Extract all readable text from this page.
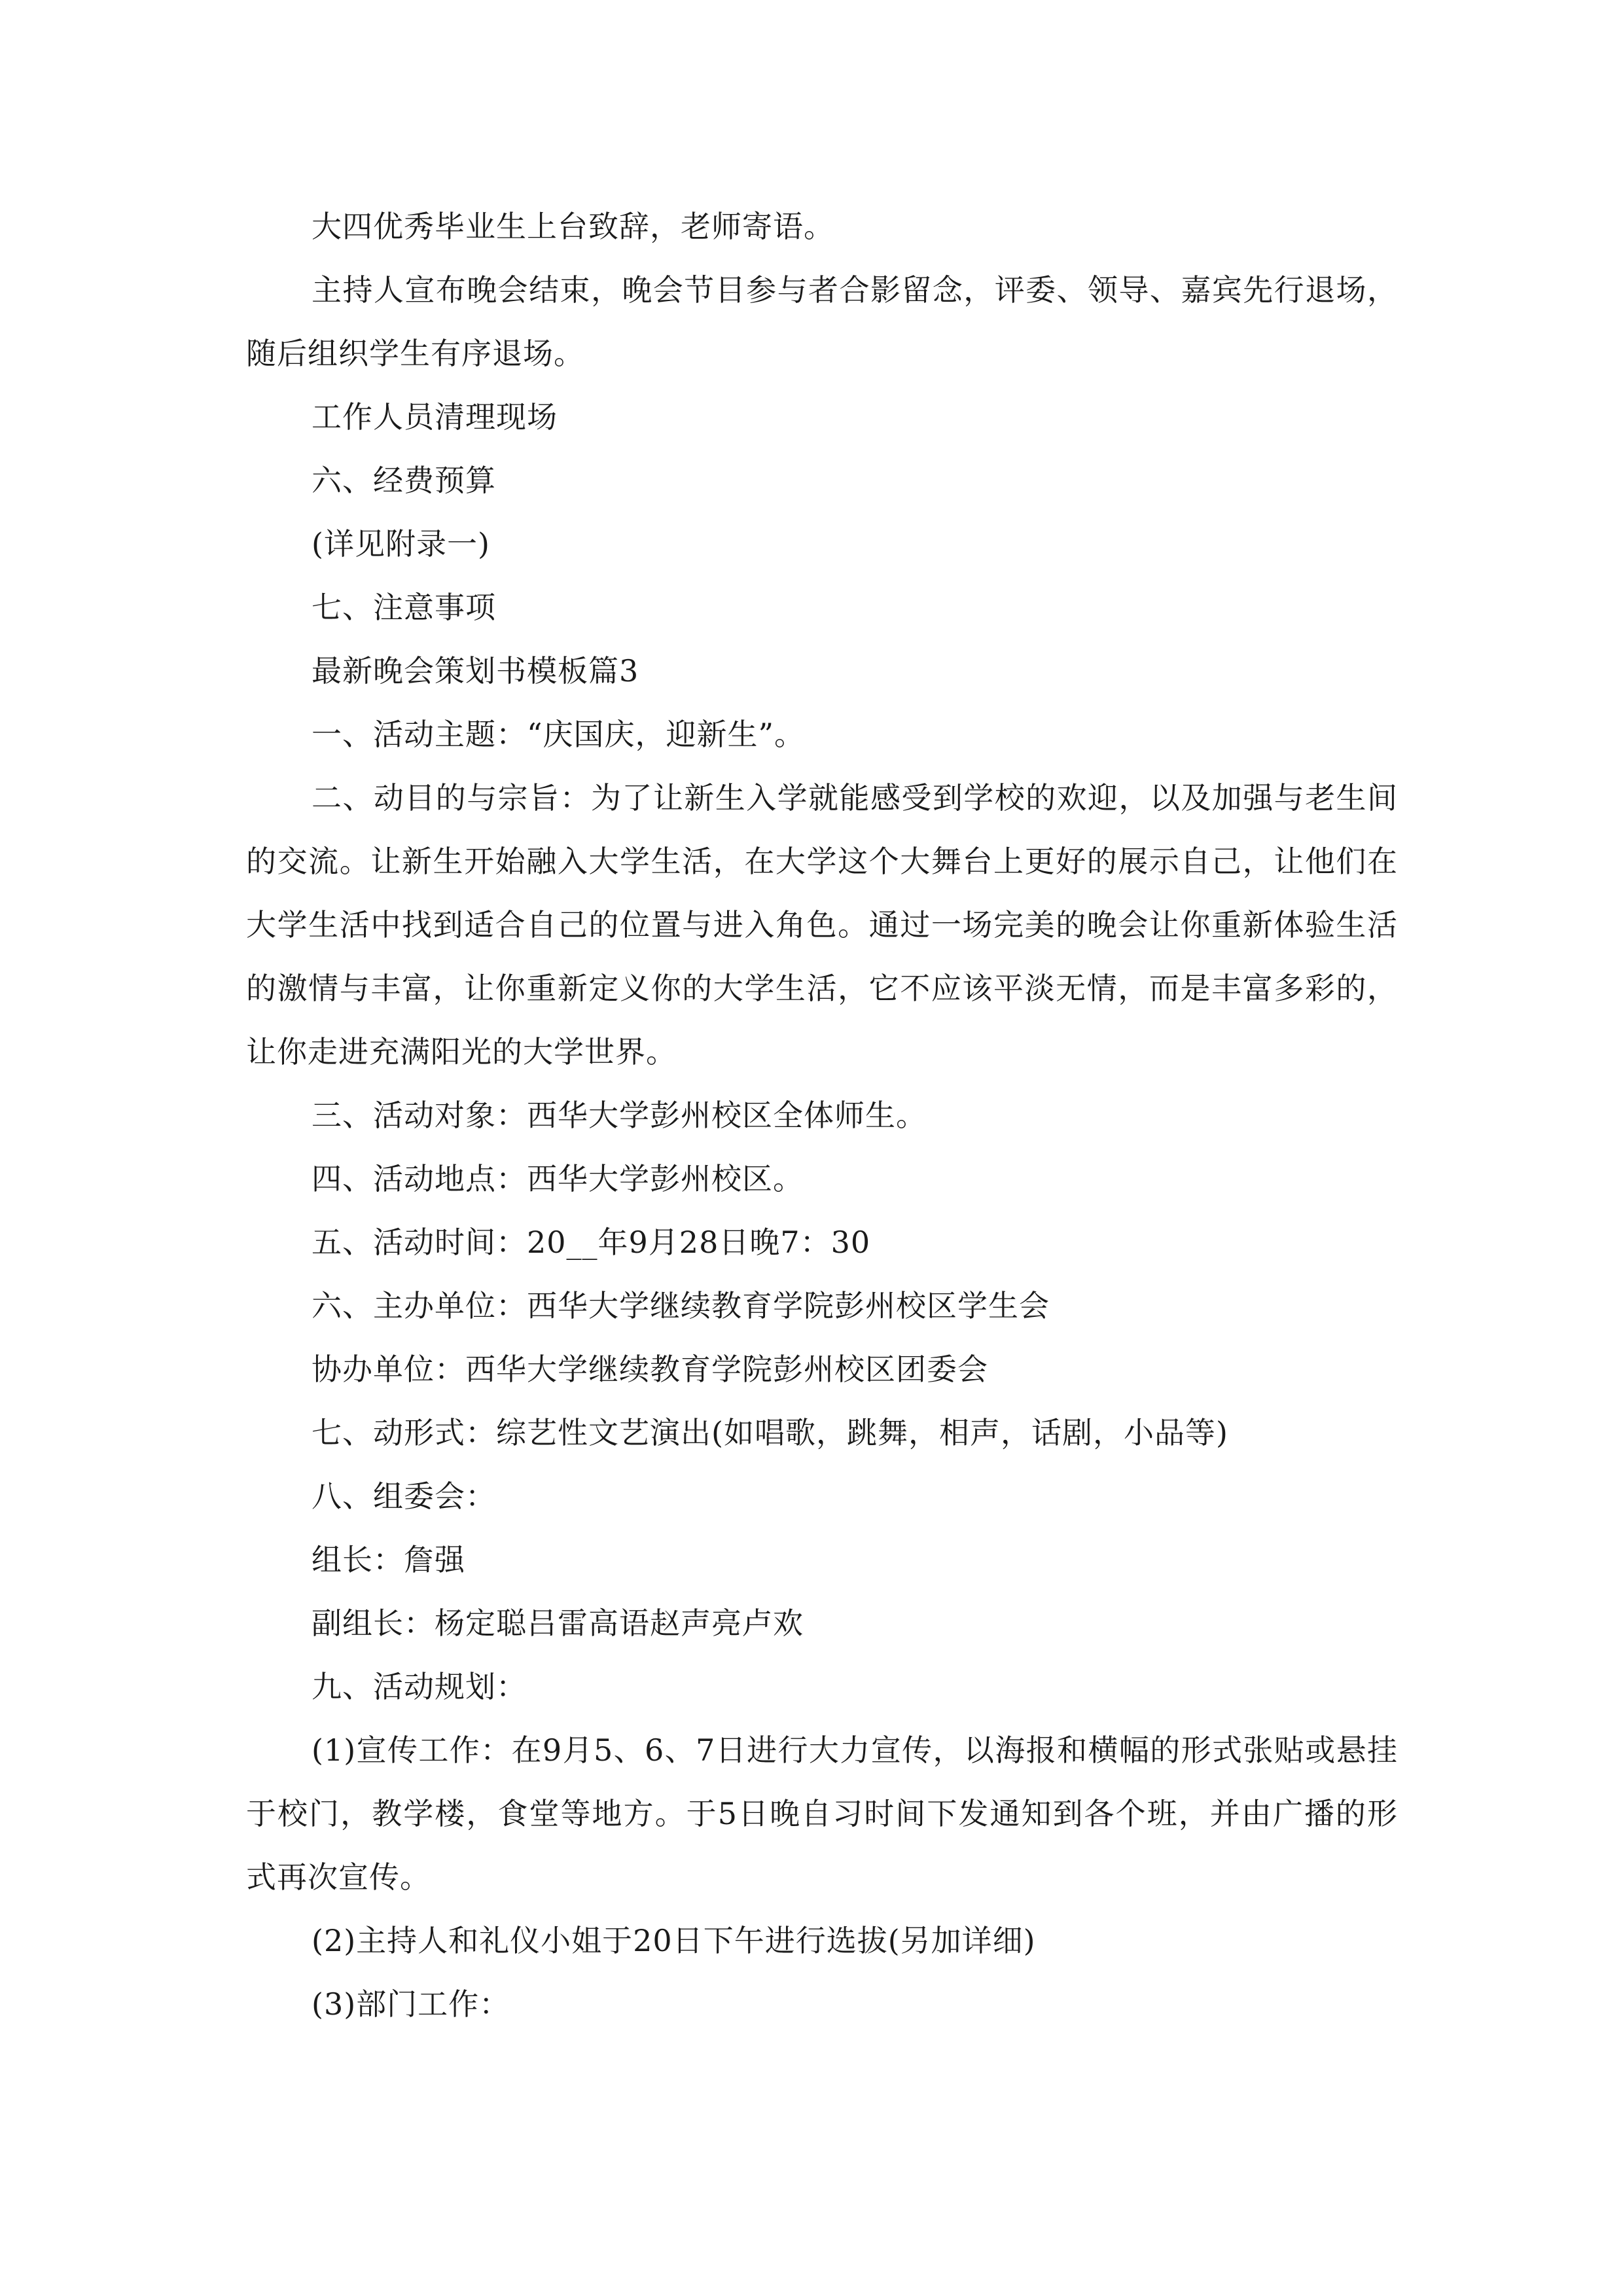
大四优秀毕业生上台致辞，老师寄语。

主持人宣布晚会结束，晚会节目参与者合影留念，评委、领导、嘉宾先行退场，随后组织学生有序退场。

工作人员清理现场

六、经费预算

(详见附录一)

七、注意事项

最新晚会策划书模板篇3

一、活动主题：“庆国庆，迎新生”。

二、动目的与宗旨：为了让新生入学就能感受到学校的欢迎，以及加强与老生间的交流。让新生开始融入大学生活，在大学这个大舞台上更好的展示自己，让他们在大学生活中找到适合自己的位置与进入角色。通过一场完美的晚会让你重新体验生活的激情与丰富，让你重新定义你的大学生活，它不应该平淡无情，而是丰富多彩的，让你走进充满阳光的大学世界。

三、活动对象：西华大学彭州校区全体师生。

四、活动地点：西华大学彭州校区。

五、活动时间：20__年9月28日晚7：30

六、主办单位：西华大学继续教育学院彭州校区学生会

协办单位：西华大学继续教育学院彭州校区团委会

七、动形式：综艺性文艺演出(如唱歌，跳舞，相声，话剧，小品等)

八、组委会：

组长：詹强

副组长：杨定聪吕雷高语赵声亮卢欢

九、活动规划：

(1)宣传工作：在9月5、6、7日进行大力宣传，以海报和横幅的形式张贴或悬挂于校门，教学楼，食堂等地方。于5日晚自习时间下发通知到各个班，并由广播的形式再次宣传。

(2)主持人和礼仪小姐于20日下午进行选拔(另加详细)

(3)部门工作：
